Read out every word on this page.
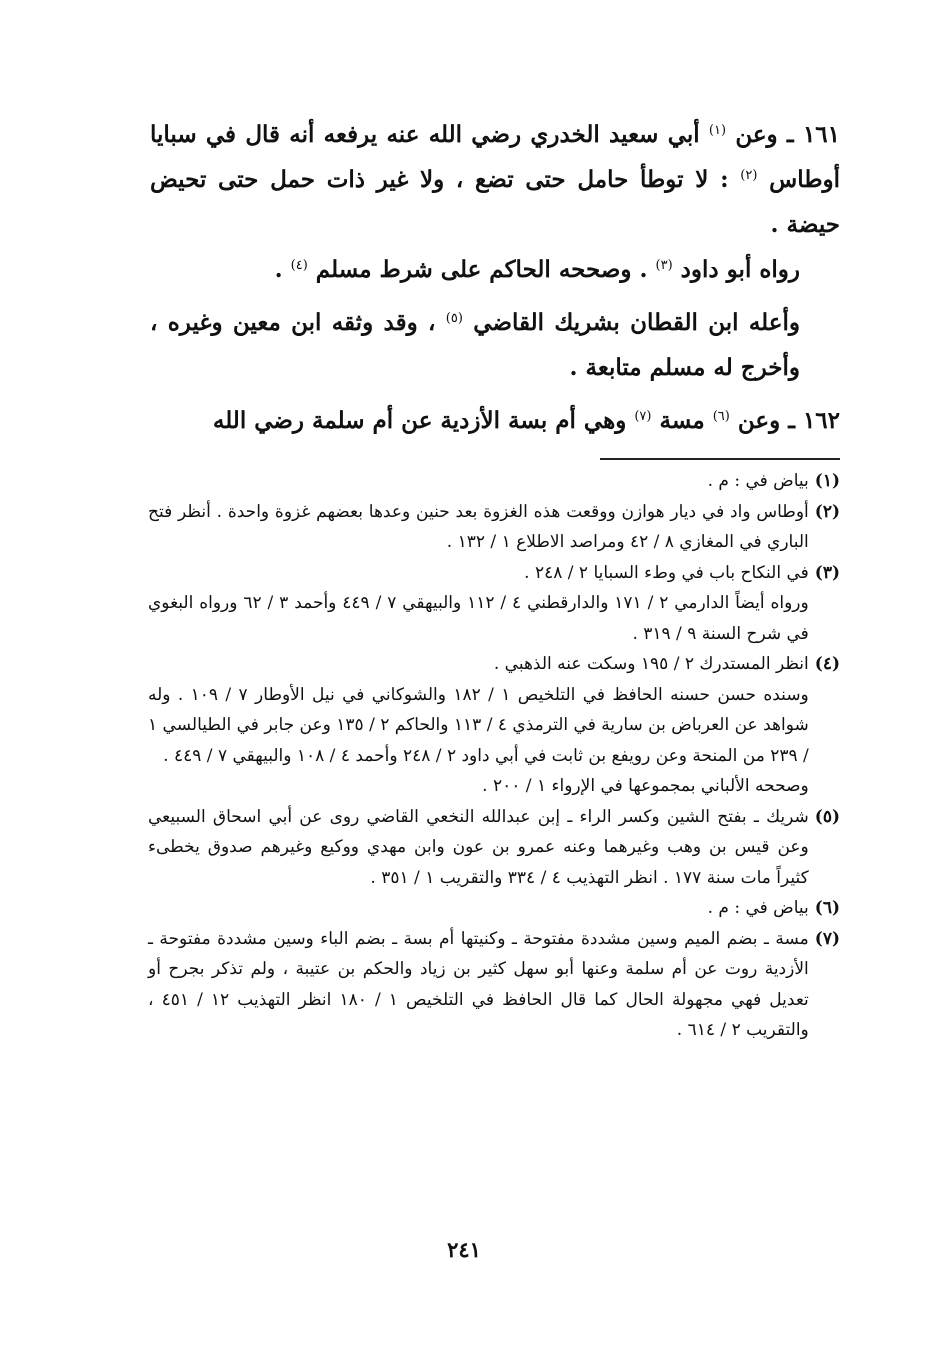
١٦١ ـ وعن $^{(١)}$ أبي سعيد الخدري رضي الله عنه يرفعه أنه قال في سبايا أوطاس $^{(٢)}$ : لا توطأ حامل حتى تضع ، ولا غير ذات حمل حتى تحيض حيضة .

رواه أبو داود $^{(٣)}$ . وصححه الحاكم على شرط مسلم $^{(٤)}$ .

وأعله ابن القطان بشريك القاضي $^{(٥)}$ ، وقد وثقه ابن معين وغيره ، وأخرج له مسلم متابعة .

١٦٢ ـ وعن $^{(٦)}$ مسة $^{(٧)}$ وهي أم بسة الأزدية عن أم سلمة رضي الله

(١)

بياض في : م .

(٢)

أوطاس واد في ديار هوازن ووقعت هذه الغزوة بعد حنين وعدها بعضهم غزوة واحدة . أنظر فتح الباري في المغازي ٨ / ٤٢ ومراصد الاطلاع ١ / ١٣٢ .

(٣)

في النكاح باب في وطء السبايا ٢ / ٢٤٨ .

ورواه أيضاً الدارمي ٢ / ١٧١ والدارقطني ٤ / ١١٢ والبيهقي ٧ / ٤٤٩ وأحمد ٣ / ٦٢ ورواه البغوي في شرح السنة ٩ / ٣١٩ .

(٤)

انظر المستدرك ٢ / ١٩٥ وسكت عنه الذهبي .

وسنده حسن حسنه الحافظ في التلخيص ١ / ١٨٢ والشوكاني في نيل الأوطار ٧ / ١٠٩ . وله شواهد عن العرباض بن سارية في الترمذي ٤ / ١١٣ والحاكم ٢ / ١٣٥ وعن جابر في الطيالسي ١ / ٢٣٩ من المنحة وعن رويفع بن ثابت في أبي داود ٢ / ٢٤٨ وأحمد ٤ / ١٠٨ والبيهقي ٧ / ٤٤٩ .

وصححه الألباني بمجموعها في الإرواء ١ / ٢٠٠ .

(٥)

شريك ـ بفتح الشين وكسر الراء ـ إبن عبدالله النخعي القاضي روى عن أبي اسحاق السبيعي وعن قيس بن وهب وغيرهما وعنه عمرو بن عون وابن مهدي ووكيع وغيرهم صدوق يخطىء كثيراً مات سنة ١٧٧ . انظر التهذيب ٤ / ٣٣٤ والتقريب ١ / ٣٥١ .

(٦)

بياض في : م .

(٧)

مسة ـ بضم الميم وسين مشددة مفتوحة ـ وكنيتها أم بسة ـ بضم الباء وسين مشددة مفتوحة ـ الأزدية روت عن أم سلمة وعنها أبو سهل كثير بن زياد والحكم بن عتيبة ، ولم تذكر بجرح أو تعديل فهي مجهولة الحال كما قال الحافظ في التلخيص ١ / ١٨٠ انظر التهذيب ١٢ / ٤٥١ ، والتقريب ٢ / ٦١٤ .

٢٤١
